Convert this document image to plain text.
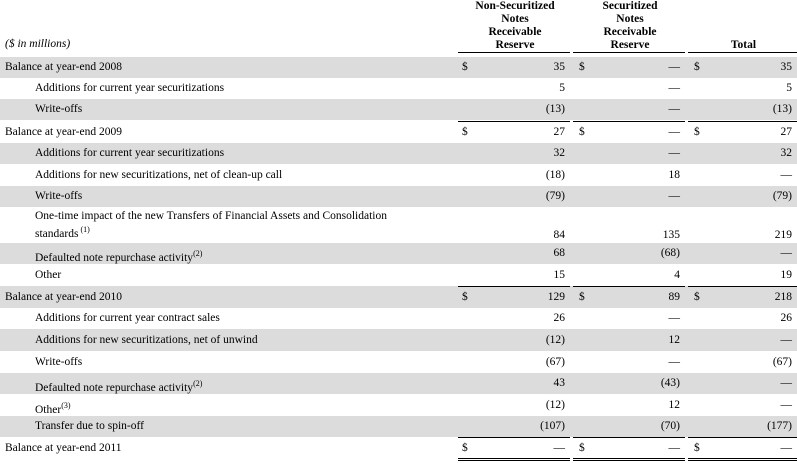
($ in millions)
Non-Securitized
Notes
Receivable
Reserve
Securitized
Notes
Receivable
Reserve	Total
Balance at year-end 2008	$	35 $	— $	35
Additions for current year securitizations	5	—	5
Write-offs	(13)	—	(13)
Balance at year-end 2009	$	27 $	— $	27
Additions for current year securitizations	32	—	32
Additions for new securitizations, net of clean-up call	(18)	18	—
Write-offs	(79)	—	(79)
One-time impact of the new Transfers of Financial Assets and Consolidation
standards $^{(1)}$	84	135	219
Defaulted note repurchase activity$^{(2)}$	68	(68)	—
Other	15	4	19
Balance at year-end 2010	$	129 $	89 $	218
Additions for current year contract sales	26	—	26
Additions for new securitizations, net of unwind	(12)	12	—
Write-offs	(67)	—	(67)
Defaulted note repurchase activity$^{(2)}$	43	(43)	—
Other$^{(3)}$	(12)	12	—
Transfer due to spin-off	(107)	(70)	(177)
Balance at year-end 2011	$	— $	— $	—
